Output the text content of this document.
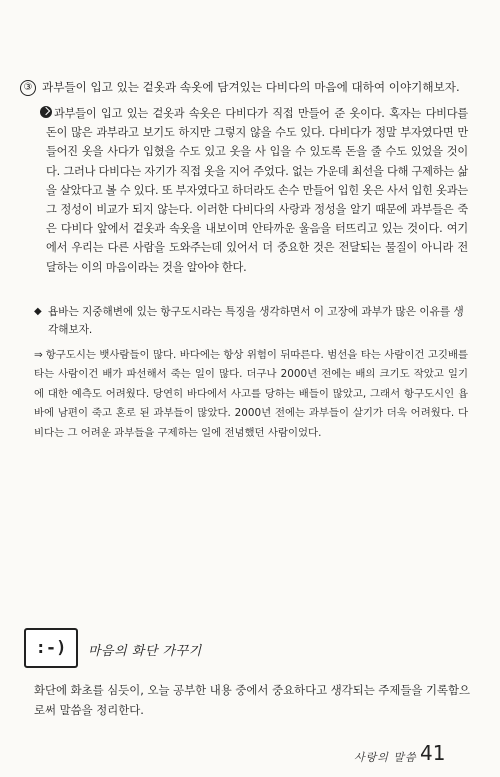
③ 과부들이 입고 있는 겉옷과 속옷에 담겨있는 다비다의 마음에 대하여 이야기해보자.
과부들이 입고 있는 겉옷과 속옷은 다비다가 직접 만들어 준 옷이다. 혹자는 다비다를 돈이 많은 과부라고 보기도 하지만 그렇지 않을 수도 있다. 다비다가 정말 부자였다면 만들어진 옷을 사다가 입혔을 수도 있고 옷을 사 입을 수 있도록 돈을 줄 수도 있었을 것이다. 그러나 다비다는 자기가 직접 옷을 지어 주었다. 없는 가운데 최선을 다해 구제하는 삶을 살았다고 볼 수 있다. 또 부자였다고 하더라도 손수 만들어 입힌 옷은 사서 입힌 옷과는 그 정성이 비교가 되지 않는다. 이러한 다비다의 사랑과 정성을 알기 때문에 과부들은 죽은 다비다 앞에서 겉옷과 속옷을 내보이며 안타까운 울음을 터뜨리고 있는 것이다. 여기에서 우리는 다른 사람을 도와주는데 있어서 더 중요한 것은 전달되는 물질이 아니라 전달하는 이의 마음이라는 것을 알아야 한다.
◆ 욥바는 지중해변에 있는 항구도시라는 특징을 생각하면서 이 고장에 과부가 많은 이유를 생각해보자.
⇒ 항구도시는 뱃사람들이 많다. 바다에는 항상 위험이 뒤따른다. 범선을 타는 사람이건 고깃배를 타는 사람이건 배가 파선해서 죽는 일이 많다. 더구나 2000년 전에는 배의 크기도 작았고 일기에 대한 예측도 어려웠다. 당연히 바다에서 사고를 당하는 배들이 많았고, 그래서 항구도시인 욥바에 남편이 죽고 혼로 된 과부들이 많았다. 2000년 전에는 과부들이 살기가 더욱 어려웠다. 다비다는 그 어려운 과부들을 구제하는 일에 전념했던 사람이었다.
:-) 마음의 화단 가꾸기
화단에 화초를 심듯이, 오늘 공부한 내용 중에서 중요하다고 생각되는 주제들을 기록함으로써 말씀을 정리한다.
사랑의 말씀 41
